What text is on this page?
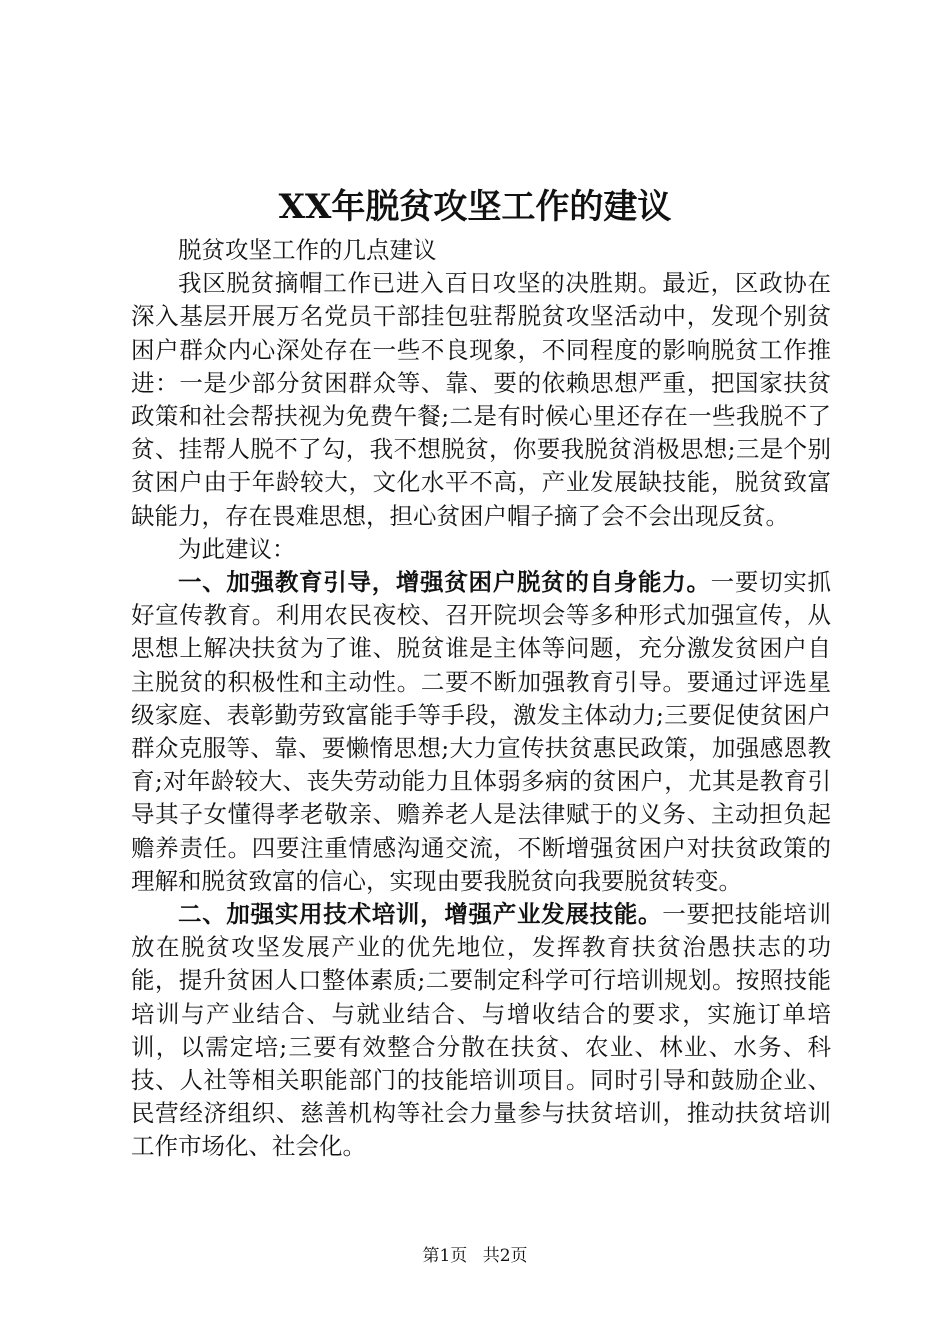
XX年脱贫攻坚工作的建议

脱贫攻坚工作的几点建议

我区脱贫摘帽工作已进入百日攻坚的决胜期。最近，区政协在深入基层开展万名党员干部挂包驻帮脱贫攻坚活动中，发现个别贫困户群众内心深处存在一些不良现象，不同程度的影响脱贫工作推进：一是少部分贫困群众等、靠、要的依赖思想严重，把国家扶贫政策和社会帮扶视为免费午餐;二是有时候心里还存在一些我脱不了贫、挂帮人脱不了勾，我不想脱贫，你要我脱贫消极思想;三是个别贫困户由于年龄较大，文化水平不高，产业发展缺技能，脱贫致富缺能力，存在畏难思想，担心贫困户帽子摘了会不会出现反贫。

为此建议：

一、加强教育引导，增强贫困户脱贫的自身能力。一要切实抓好宣传教育。利用农民夜校、召开院坝会等多种形式加强宣传，从思想上解决扶贫为了谁、脱贫谁是主体等问题，充分激发贫困户自主脱贫的积极性和主动性。二要不断加强教育引导。要通过评选星级家庭、表彰勤劳致富能手等手段，激发主体动力;三要促使贫困户群众克服等、靠、要懒惰思想;大力宣传扶贫惠民政策，加强感恩教育;对年龄较大、丧失劳动能力且体弱多病的贫困户，尤其是教育引导其子女懂得孝老敬亲、赡养老人是法律赋于的义务、主动担负起赡养责任。四要注重情感沟通交流，不断增强贫困户对扶贫政策的理解和脱贫致富的信心，实现由要我脱贫向我要脱贫转变。

二、加强实用技术培训，增强产业发展技能。一要把技能培训放在脱贫攻坚发展产业的优先地位，发挥教育扶贫治愚扶志的功能，提升贫困人口整体素质;二要制定科学可行培训规划。按照技能培训与产业结合、与就业结合、与增收结合的要求，实施订单培训，以需定培;三要有效整合分散在扶贫、农业、林业、水务、科技、人社等相关职能部门的技能培训项目。同时引导和鼓励企业、民营经济组织、慈善机构等社会力量参与扶贫培训，推动扶贫培训工作市场化、社会化。

第1页 共2页
